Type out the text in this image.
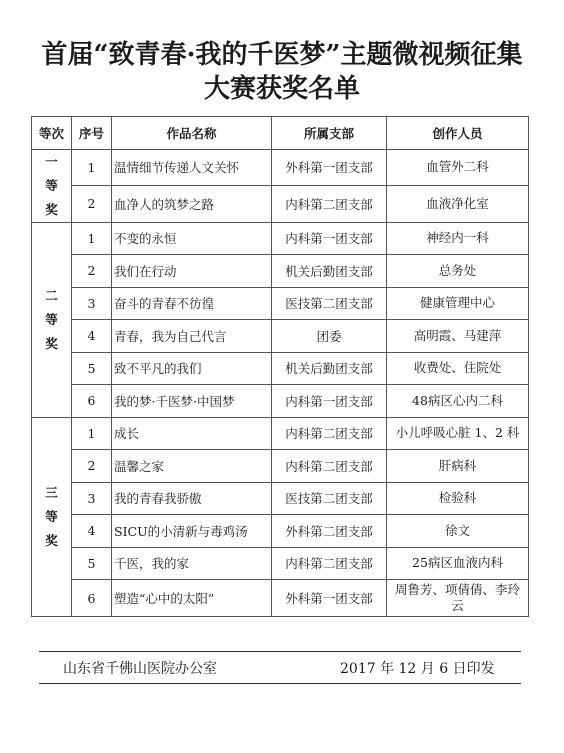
首届“致青春·我的千医梦”主题微视频征集
大赛获奖名单
等次	序号	作品名称	所属支部	创作人员
一等奖	1	温情细节传递人文关怀	外科第一团支部	血管外二科
	2	血净人的筑梦之路	内科第二团支部	血液净化室
二等奖	1	不变的永恒	内科第一团支部	神经内一科
	2	我们在行动	机关后勤团支部	总务处
	3	奋斗的青春不彷徨	医技第二团支部	健康管理中心
	4	青春，我为自己代言	团委	高明霞、马建萍
	5	致不平凡的我们	机关后勤团支部	收费处、住院处
	6	我的梦·千医梦·中国梦	内科第一团支部	48病区心内二科
三等奖	1	成长	内科第二团支部	小儿呼吸心脏 1、2 科
	2	温馨之家	内科第二团支部	肝病科
	3	我的青春我骄傲	医技第二团支部	检验科
	4	SICU的小清新与毒鸡汤	外科第二团支部	徐文
	5	千医，我的家	内科第二团支部	25病区血液内科
	6	塑造“心中的太阳”	外科第一团支部	周鲁芳、项倩倩、李玲云
山东省千佛山医院办公室	2017 年 12 月 6 日印发
